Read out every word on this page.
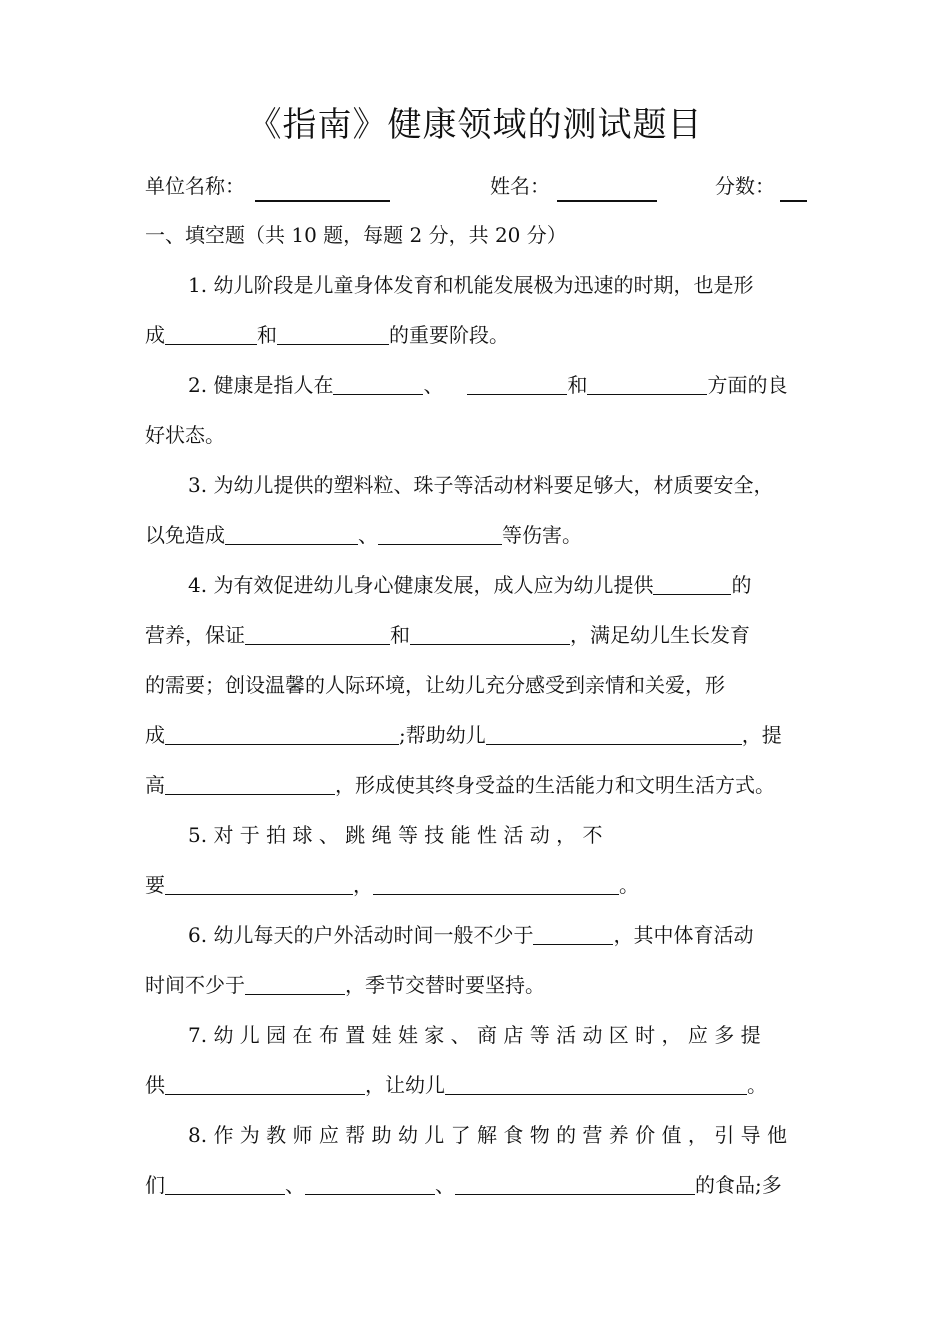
《指南》健康领域的测试题目
单位名称：	姓名：	分数：
一、填空题（共 10 题，每题 2 分，共 20 分）
1. 幼儿阶段是儿童身体发育和机能发展极为迅速的时期，也是形
成	和	的重要阶段。
2. 健康是指人在	、	和	方面的良
好状态。
3. 为幼儿提供的塑料粒、珠子等活动材料要足够大，材质要安全，
以免造成	、	等伤害。
4. 为有效促进幼儿身心健康发展，成人应为幼儿提供	的
营养，保证	和	，满足幼儿生长发育
的需要；创设温馨的人际环境，让幼儿充分感受到亲情和关爱，形
成	;帮助幼儿	，提
高	，形成使其终身受益的生活能力和文明生活方式。
5. 对 于 拍 球 、 跳 绳 等 技 能 性 活 动 ， 不
要	，	。
6. 幼儿每天的户外活动时间一般不少于	，其中体育活动
时间不少于	，季节交替时要坚持。
7. 幼 儿 园 在 布 置 娃 娃 家 、 商 店 等 活 动 区 时 ， 应 多 提
供	，让幼儿	。
8. 作 为 教 师 应 帮 助 幼 儿 了 解 食 物 的 营 养 价 值 ， 引 导 他
们	、	、	的食品;多
